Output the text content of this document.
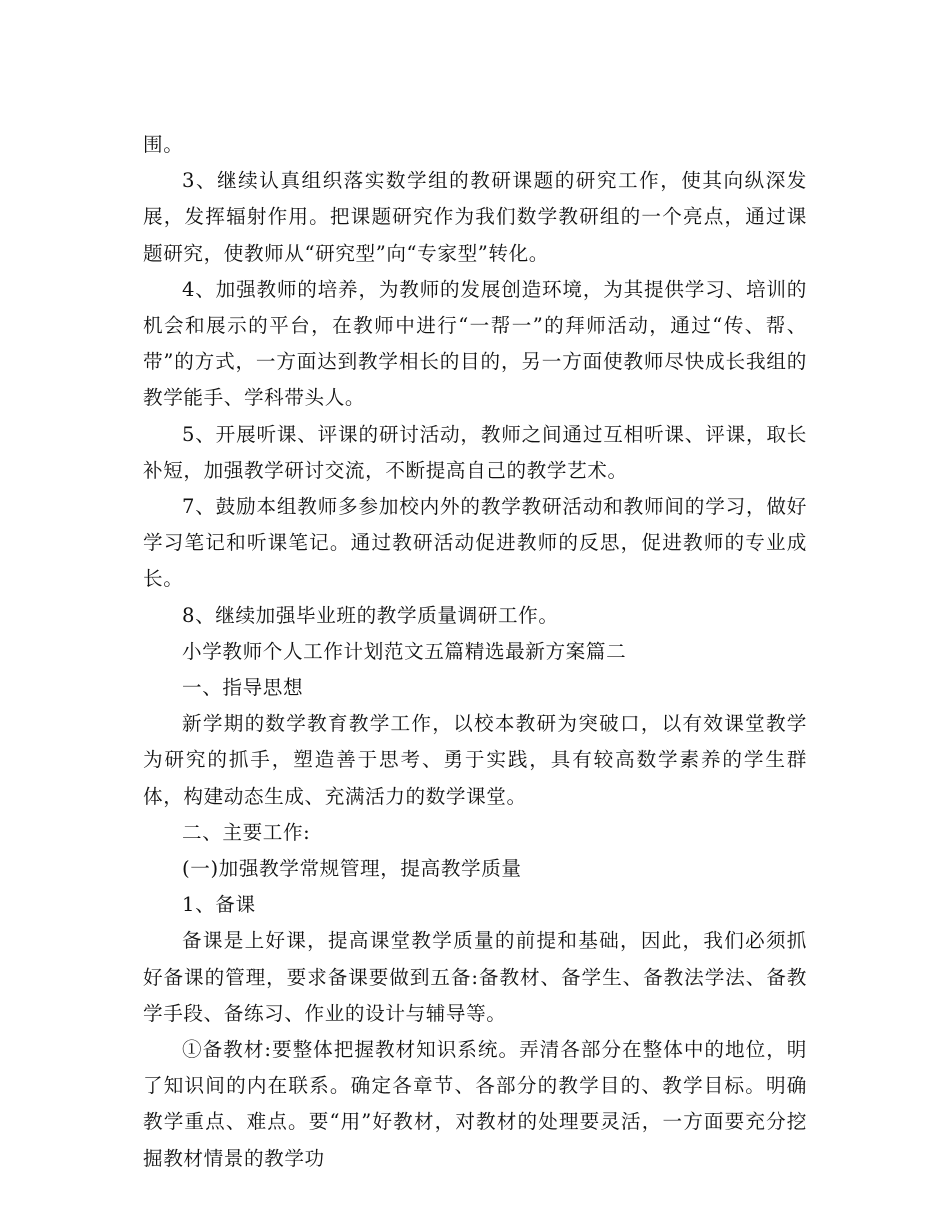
围。

3、继续认真组织落实数学组的教研课题的研究工作，使其向纵深发展，发挥辐射作用。把课题研究作为我们数学教研组的一个亮点，通过课题研究，使教师从“研究型”向“专家型”转化。

4、加强教师的培养，为教师的发展创造环境，为其提供学习、培训的机会和展示的平台，在教师中进行“一帮一”的拜师活动，通过“传、帮、带”的方式，一方面达到教学相长的目的，另一方面使教师尽快成长我组的教学能手、学科带头人。

5、开展听课、评课的研讨活动，教师之间通过互相听课、评课，取长补短，加强教学研讨交流，不断提高自己的教学艺术。

7、鼓励本组教师多参加校内外的教学教研活动和教师间的学习，做好学习笔记和听课笔记。通过教研活动促进教师的反思，促进教师的专业成长。

8、继续加强毕业班的教学质量调研工作。

小学教师个人工作计划范文五篇精选最新方案篇二

一、指导思想

新学期的数学教育教学工作，以校本教研为突破口，以有效课堂教学为研究的抓手，塑造善于思考、勇于实践，具有较高数学素养的学生群体，构建动态生成、充满活力的数学课堂。

二、主要工作:

(一)加强教学常规管理，提高教学质量

1、备课

备课是上好课，提高课堂教学质量的前提和基础，因此，我们必须抓好备课的管理，要求备课要做到五备:备教材、备学生、备教法学法、备教学手段、备练习、作业的设计与辅导等。

①备教材:要整体把握教材知识系统。弄清各部分在整体中的地位，明了知识间的内在联系。确定各章节、各部分的教学目的、教学目标。明确教学重点、难点。要“用”好教材，对教材的处理要灵活，一方面要充分挖掘教材情景的教学功
